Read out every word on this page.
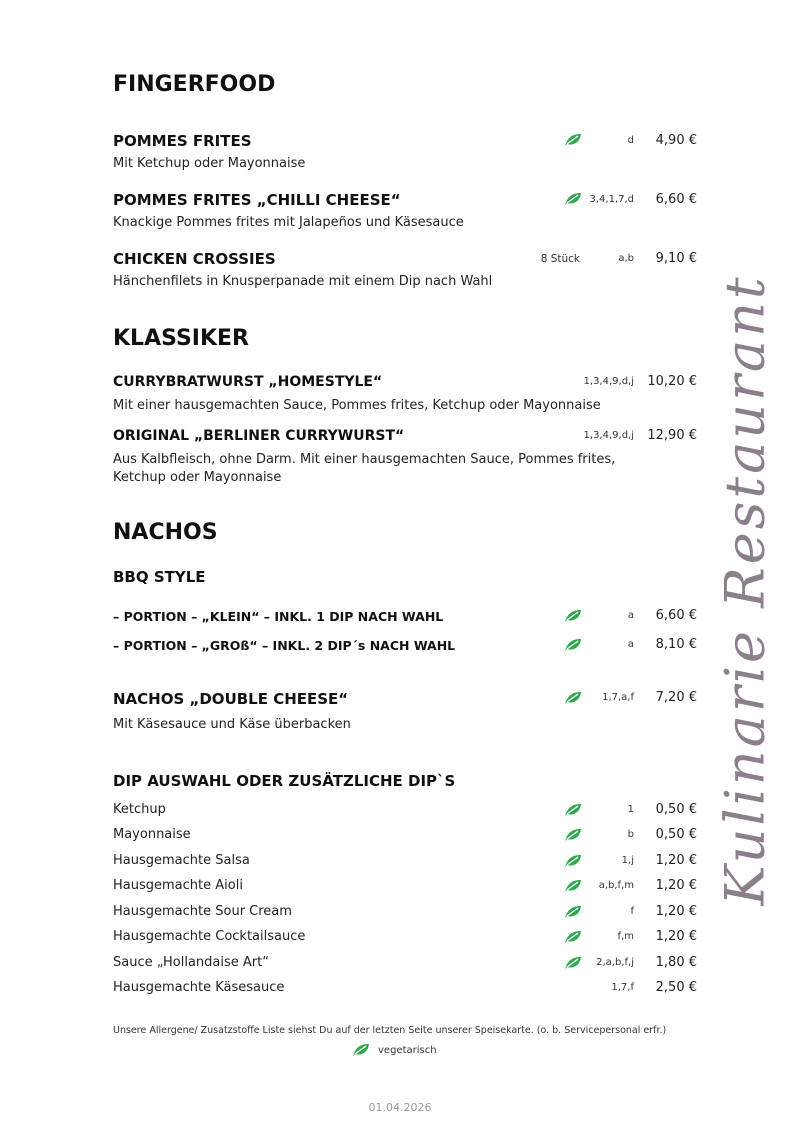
FINGERFOOD
POMMES FRITES	d 4,90 €
Mit Ketchup oder Mayonnaise
POMMES FRITES „CHILLI CHEESE“	3,4,1,7,d 6,60 €
Knackige Pommes frites mit Jalapeños und Käsesauce
CHICKEN CROSSIES	8 Stück	a,b 9,10 €
Hänchenfilets in Knusperpanade mit einem Dip nach Wahl
KLASSIKER
CURRYBRATWURST „HOMESTYLE“	1,3,4,9,d,j 10,20 €
Mit einer hausgemachten Sauce, Pommes frites, Ketchup oder Mayonnaise
ORIGINAL „BERLINER CURRYWURST“	1,3,4,9,d,j 12,90 €
Aus Kalbfleisch, ohne Darm. Mit einer hausgemachten Sauce, Pommes frites,
Ketchup oder Mayonnaise
NACHOS
BBQ STYLE
– PORTION – „KLEIN“ – INKL. 1 DIP NACH WAHL	a 6,60 €
– PORTION – „GROß“ – INKL. 2 DIP´s NACH WAHL	a 8,10 €
NACHOS „DOUBLE CHEESE“	1,7,a,f 7,20 €
Mit Käsesauce und Käse überbacken
DIP AUSWAHL ODER ZUSÄTZLICHE DIP`S
Ketchup	1 0,50 €
Mayonnaise	b 0,50 €
Hausgemachte Salsa	1,j 1,20 €
Hausgemachte Aioli	a,b,f,m 1,20 €
Hausgemachte Sour Cream	f 1,20 €
Hausgemachte Cocktailsauce	f,m 1,20 €
Sauce „Hollandaise Art“	2,a,b,f,j 1,80 €
Hausgemachte Käsesauce	1,7,f 2,50 €
Unsere Allergene/ Zusatzstoffe Liste siehst Du auf der letzten Seite unserer Speisekarte. (o. b. Servicepersonal erfr.)
vegetarisch
01.04.2026
Kulinarie Restaurant
